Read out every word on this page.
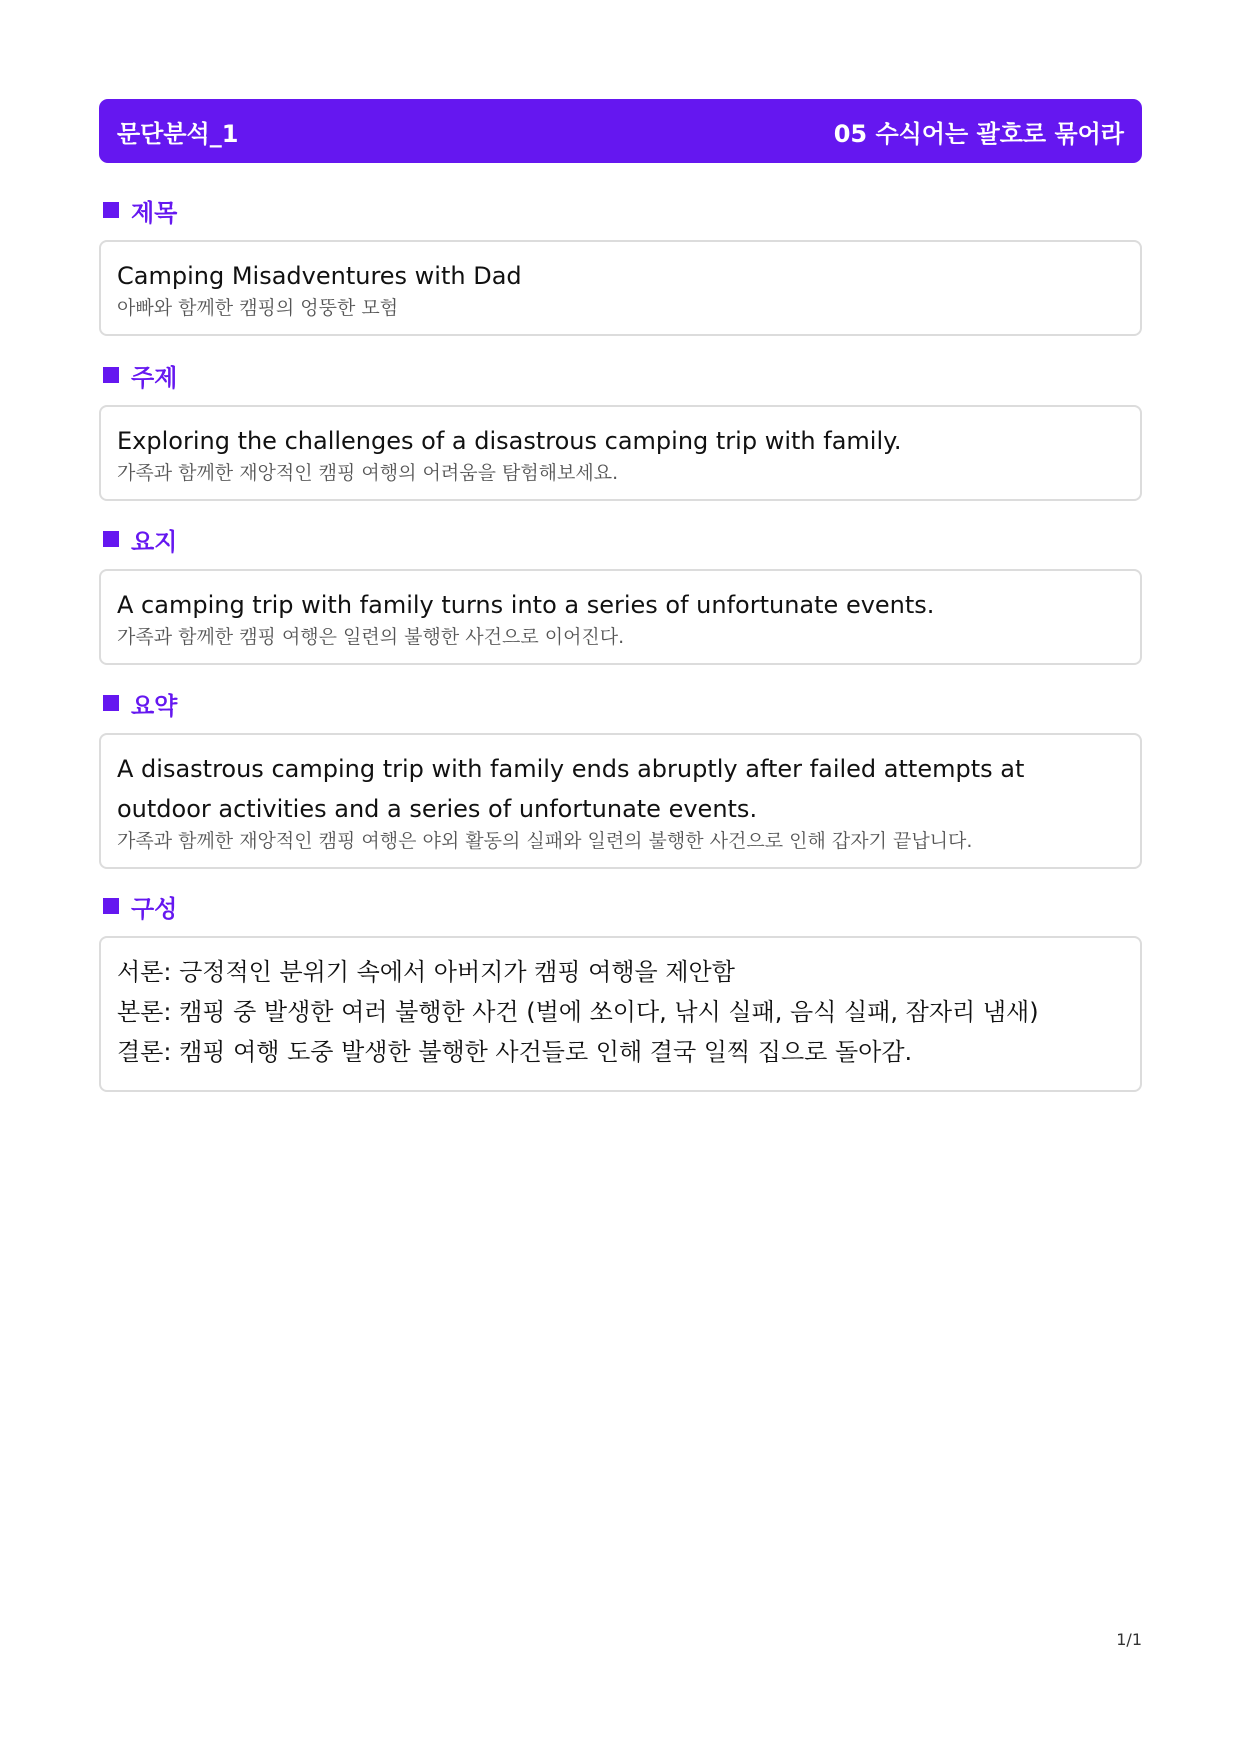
문단분석_1	05 수식어는 괄호로 묶어라
제목
Camping Misadventures with Dad
아빠와 함께한 캠핑의 엉뚱한 모험
주제
Exploring the challenges of a disastrous camping trip with family.
가족과 함께한 재앙적인 캠핑 여행의 어려움을 탐험해보세요.
요지
A camping trip with family turns into a series of unfortunate events.
가족과 함께한 캠핑 여행은 일련의 불행한 사건으로 이어진다.
요약
A disastrous camping trip with family ends abruptly after failed attempts at outdoor activities and a series of unfortunate events.
가족과 함께한 재앙적인 캠핑 여행은 야외 활동의 실패와 일련의 불행한 사건으로 인해 갑자기 끝납니다.
구성
서론: 긍정적인 분위기 속에서 아버지가 캠핑 여행을 제안함
본론: 캠핑 중 발생한 여러 불행한 사건 (벌에 쏘이다, 낚시 실패, 음식 실패, 잠자리 냄새)
결론: 캠핑 여행 도중 발생한 불행한 사건들로 인해 결국 일찍 집으로 돌아감.
1/1
